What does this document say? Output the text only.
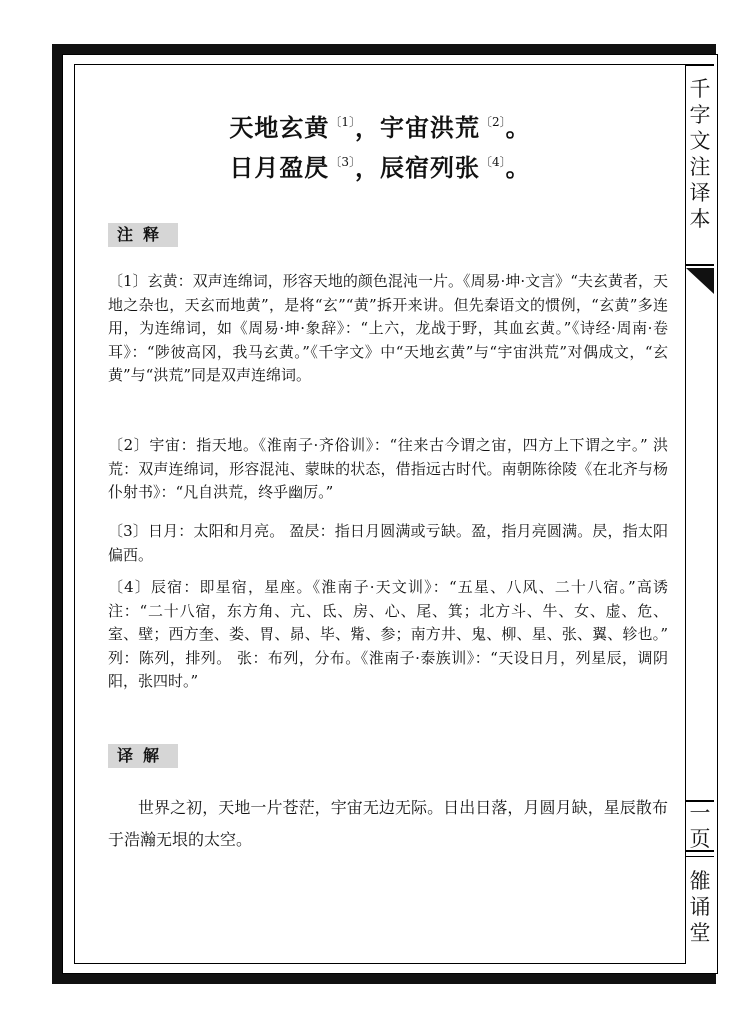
千字文注译本
一页
雒诵堂
天地玄黄$^{〔1〕}$，宇宙洪荒$^{〔2〕}$。
日月盈昃$^{〔3〕}$，辰宿列张$^{〔4〕}$。
注释
〔1〕玄黄：双声连绵词，形容天地的颜色混沌一片。《周易·坤·文言》“夫玄黄者，天地之杂也，天玄而地黄”，是将“玄”“黄”拆开来讲。但先秦语文的惯例，“玄黄”多连用，为连绵词，如《周易·坤·象辞》：“上六，龙战于野，其血玄黄。”《诗经·周南·卷耳》：“陟彼高冈，我马玄黄。”《千字文》中“天地玄黄”与“宇宙洪荒”对偶成文，“玄黄”与“洪荒”同是双声连绵词。
〔2〕宇宙：指天地。《淮南子·齐俗训》：“往来古今谓之宙，四方上下谓之宇。” 洪荒：双声连绵词，形容混沌、蒙昧的状态，借指远古时代。南朝陈徐陵《在北齐与杨仆射书》：“凡自洪荒，终乎幽厉。”
〔3〕日月：太阳和月亮。 盈昃：指日月圆满或亏缺。盈，指月亮圆满。昃，指太阳偏西。
〔4〕辰宿：即星宿，星座。《淮南子·天文训》：“五星、八风、二十八宿。”高诱注：“二十八宿，东方角、亢、氐、房、心、尾、箕；北方斗、牛、女、虚、危、室、壁；西方奎、娄、胃、昴、毕、觜、参；南方井、鬼、柳、星、张、翼、轸也。” 列：陈列，排列。 张：布列，分布。《淮南子·泰族训》：“天设日月，列星辰，调阴阳，张四时。”
译解
世界之初，天地一片苍茫，宇宙无边无际。日出日落，月圆月缺，星辰散布于浩瀚无垠的太空。
